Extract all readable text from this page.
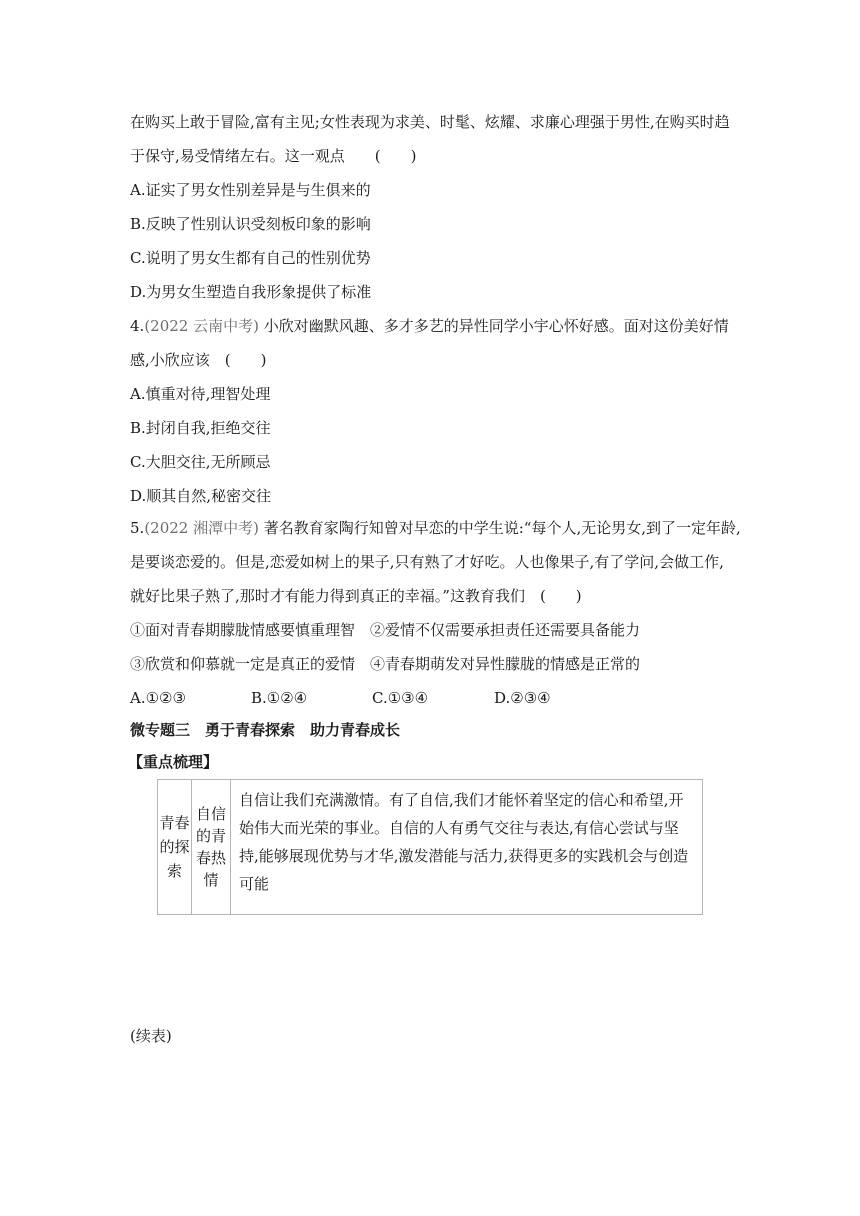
在购买上敢于冒险,富有主见;女性表现为求美、时髦、炫耀、求廉心理强于男性,在购买时趋
于保守,易受情绪左右。这一观点　　(　　)
A.证实了男女性别差异是与生俱来的
B.反映了性别认识受刻板印象的影响
C.说明了男女生都有自己的性别优势
D.为男女生塑造自我形象提供了标准
4.(2022 云南中考) 小欣对幽默风趣、多才多艺的异性同学小宇心怀好感。面对这份美好情
感,小欣应该　(　　)
A.慎重对待,理智处理
B.封闭自我,拒绝交往
C.大胆交往,无所顾忌
D.顺其自然,秘密交往
5.(2022 湘潭中考) 著名教育家陶行知曾对早恋的中学生说:“每个人,无论男女,到了一定年龄,
是要谈恋爱的。但是,恋爱如树上的果子,只有熟了才好吃。人也像果子,有了学问,会做工作,
就好比果子熟了,那时才有能力得到真正的幸福。”这教育我们　(　　)
①面对青春期朦胧情感要慎重理智　②爱情不仅需要承担责任还需要具备能力
③欣赏和仰慕就一定是真正的爱情　④青春期萌发对异性朦胧的情感是正常的
A.①②③	B.①②④	C.①③④	D.②③④
微专题三　勇于青春探索　助力青春成长
【重点梳理】
青春的探索	自信的青春热情	自信让我们充满激情。有了自信,我们才能怀着坚定的信心和希望,开始伟大而光荣的事业。自信的人有勇气交往与表达,有信心尝试与坚持,能够展现优势与才华,激发潜能与活力,获得更多的实践机会与创造可能
(续表)
